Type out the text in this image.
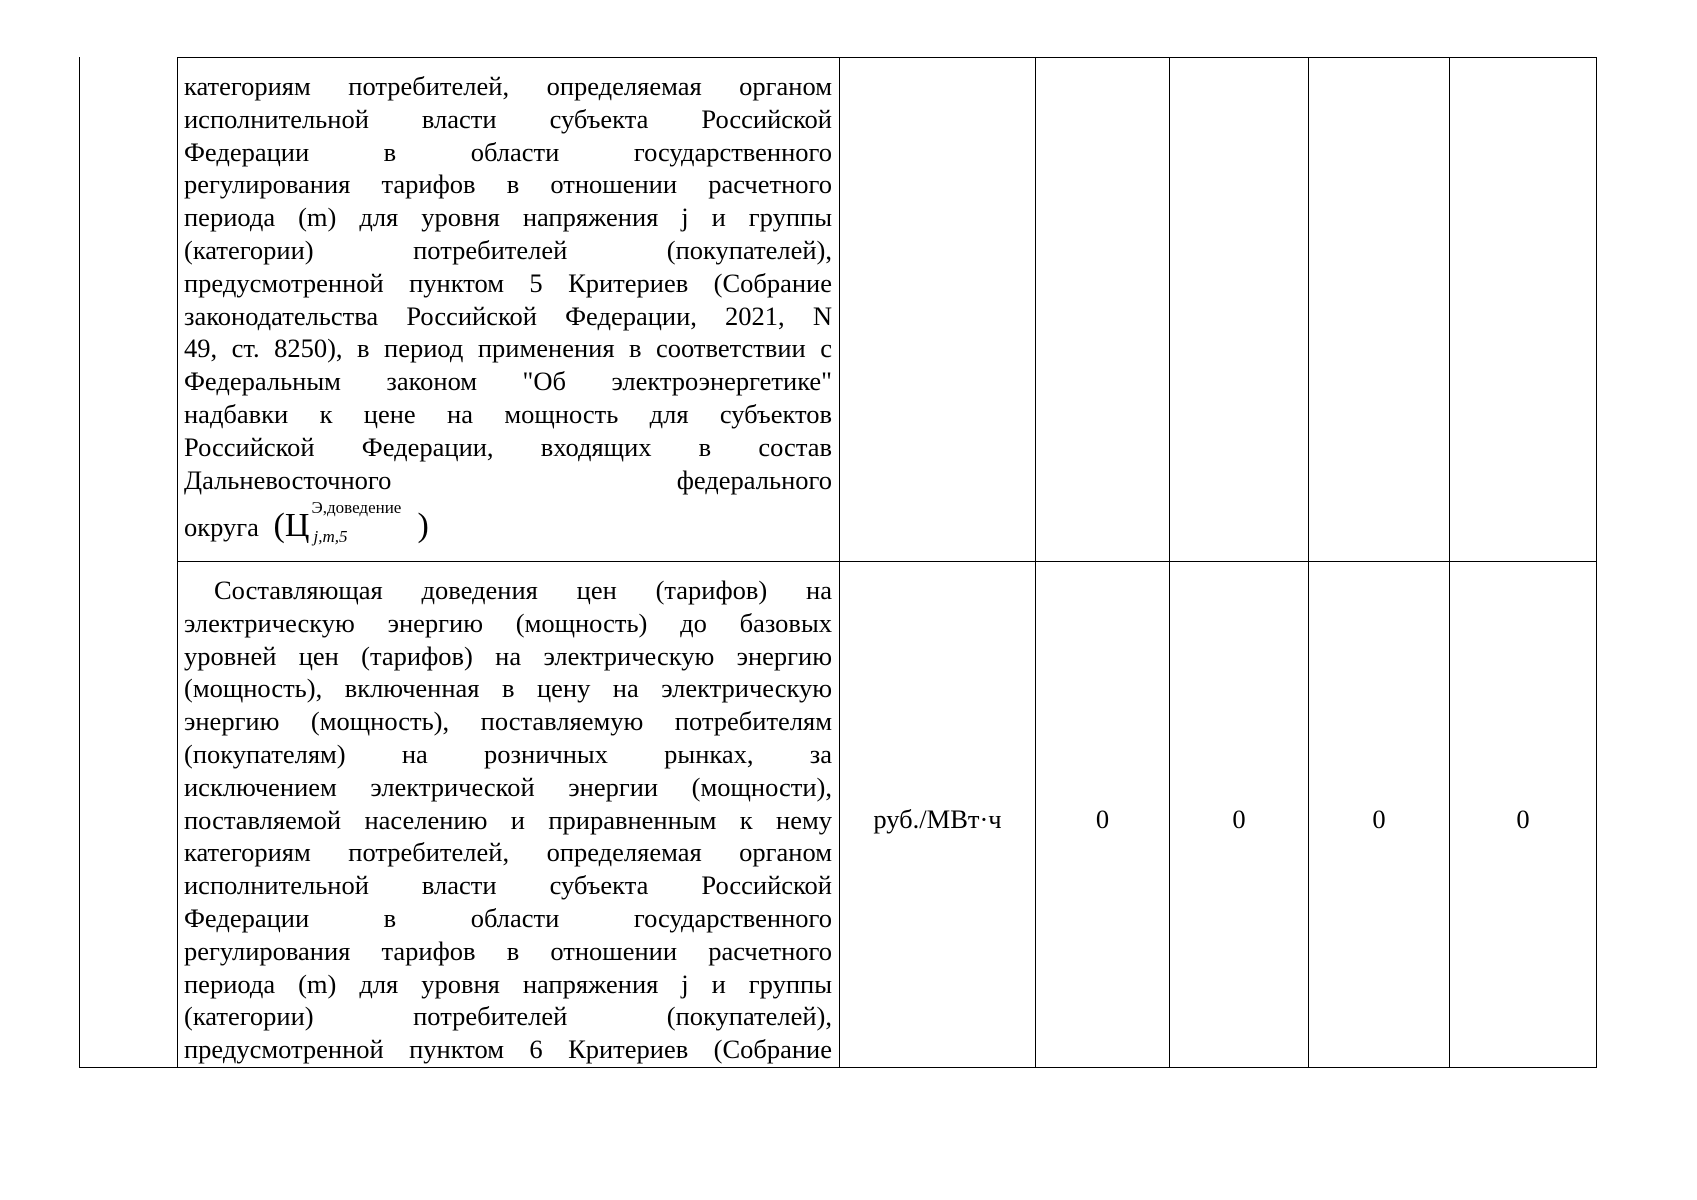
категориям потребителей, определяемая органом
исполнительной власти субъекта Российской
Федерации в области государственного
регулирования тарифов в отношении расчетного
периода (m) для уровня напряжения j и группы
(категории) потребителей (покупателей),
предусмотренной пунктом 5 Критериев (Собрание
законодательства Российской Федерации, 2021, N
49, ст. 8250), в период применения в соответствии с
Федеральным законом "Об электроэнергетике"
надбавки к цене на мощность для субъектов
Российской Федерации, входящих в состав
Дальневосточного федерального
округа (Ц Э,доведение
j,m,5 )
Составляющая доведения цен (тарифов) на
электрическую энергию (мощность) до базовых
уровней цен (тарифов) на электрическую энергию
(мощность), включенная в цену на электрическую
энергию (мощность), поставляемую потребителям
(покупателям) на розничных рынках, за
исключением электрической энергии (мощности),
поставляемой населению и приравненным к нему
категориям потребителей, определяемая органом
исполнительной власти субъекта Российской
Федерации в области государственного
регулирования тарифов в отношении расчетного
периода (m) для уровня напряжения j и группы
(категории) потребителей (покупателей),
предусмотренной пунктом 6 Критериев (Собрание
руб./МВт·ч	0	0	0	0
